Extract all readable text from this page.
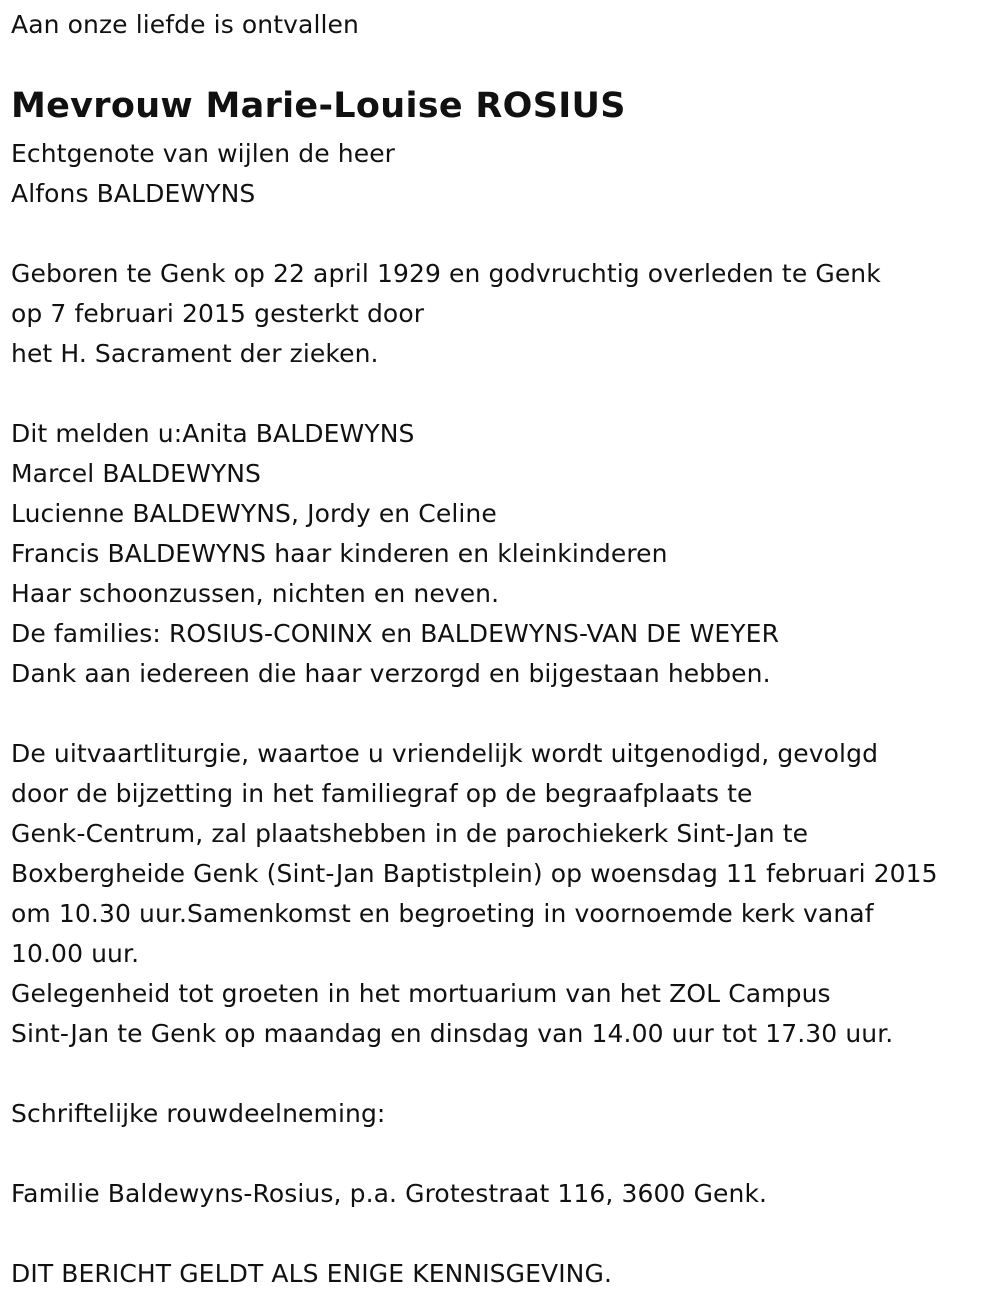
Aan onze liefde is ontvallen
Mevrouw Marie-Louise ROSIUS
Echtgenote van wijlen de heer
Alfons BALDEWYNS
Geboren te Genk op 22 april 1929 en godvruchtig overleden te Genk
op 7 februari 2015 gesterkt door
het H. Sacrament der zieken.
Dit melden u:Anita BALDEWYNS
Marcel BALDEWYNS
Lucienne BALDEWYNS, Jordy en Celine
Francis BALDEWYNS haar kinderen en kleinkinderen
Haar schoonzussen, nichten en neven.
De families: ROSIUS-CONINX en BALDEWYNS-VAN DE WEYER
Dank aan iedereen die haar verzorgd en bijgestaan hebben.
De uitvaartliturgie, waartoe u vriendelijk wordt uitgenodigd, gevolgd
door de bijzetting in het familiegraf op de begraafplaats te
Genk-Centrum, zal plaatshebben in de parochiekerk Sint-Jan te
Boxbergheide Genk (Sint-Jan Baptistplein) op woensdag 11 februari 2015
om 10.30 uur.Samenkomst en begroeting in voornoemde kerk vanaf
10.00 uur.
Gelegenheid tot groeten in het mortuarium van het ZOL Campus
Sint-Jan te Genk op maandag en dinsdag van 14.00 uur tot 17.30 uur.
Schriftelijke rouwdeelneming:
Familie Baldewyns-Rosius, p.a. Grotestraat 116, 3600 Genk.
DIT BERICHT GELDT ALS ENIGE KENNISGEVING.
